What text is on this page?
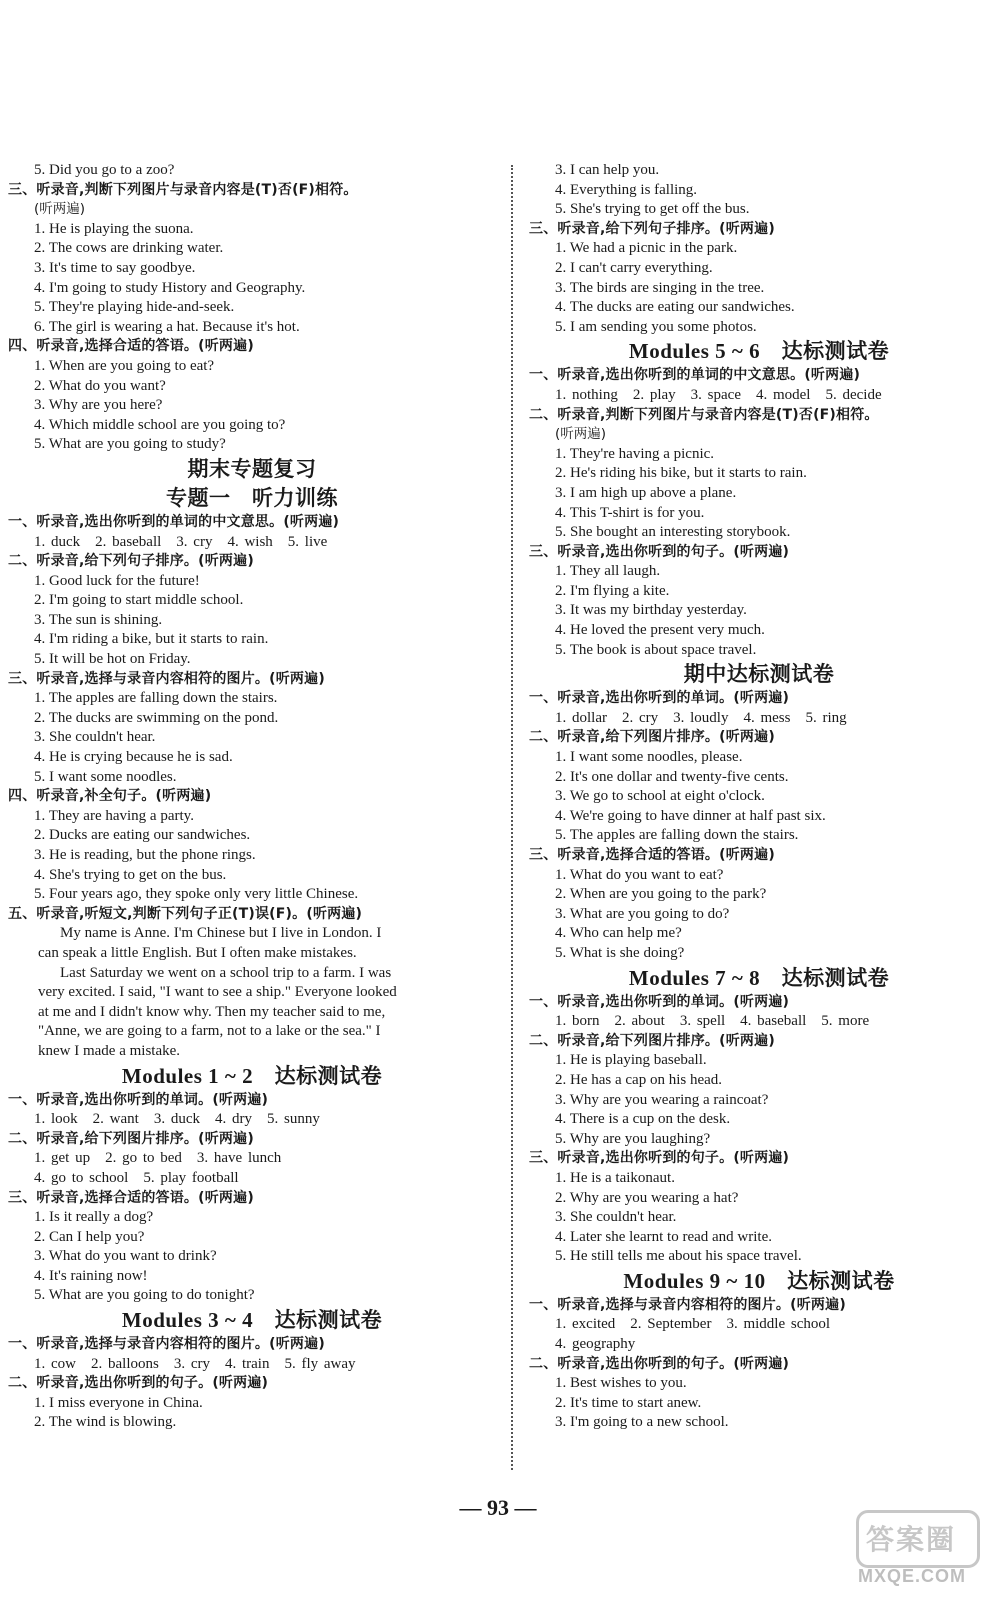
5. Did you go to a zoo?
三、听录音,判断下列图片与录音内容是(T)否(F)相符。
(听两遍)
1. He is playing the suona.
2. The cows are drinking water.
3. It's time to say goodbye.
4. I'm going to study History and Geography.
5. They're playing hide-and-seek.
6. The girl is wearing a hat. Because it's hot.
四、听录音,选择合适的答语。(听两遍)
1. When are you going to eat?
2. What do you want?
3. Why are you here?
4. Which middle school are you going to?
5. What are you going to study?
期末专题复习
专题一　听力训练
一、听录音,选出你听到的单词的中文意思。(听两遍)
1. duck　2. baseball　3. cry　4. wish　5. live
二、听录音,给下列句子排序。(听两遍)
1. Good luck for the future!
2. I'm going to start middle school.
3. The sun is shining.
4. I'm riding a bike, but it starts to rain.
5. It will be hot on Friday.
三、听录音,选择与录音内容相符的图片。(听两遍)
1. The apples are falling down the stairs.
2. The ducks are swimming on the pond.
3. She couldn't hear.
4. He is crying because he is sad.
5. I want some noodles.
四、听录音,补全句子。(听两遍)
1. They are having a party.
2. Ducks are eating our sandwiches.
3. He is reading, but the phone rings.
4. She's trying to get on the bus.
5. Four years ago, they spoke only very little Chinese.
五、听录音,听短文,判断下列句子正(T)误(F)。(听两遍)
My name is Anne. I'm Chinese but I live in London. I
can speak a little English. But I often make mistakes.
Last Saturday we went on a school trip to a farm. I was
very excited. I said, "I want to see a ship." Everyone looked
at me and I didn't know why. Then my teacher said to me,
"Anne, we are going to a farm, not to a lake or the sea." I
knew I made a mistake.
Modules 1 ~ 2　达标测试卷
一、听录音,选出你听到的单词。(听两遍)
1. look　2. want　3. duck　4. dry　5. sunny
二、听录音,给下列图片排序。(听两遍)
1. get up　2. go to bed　3. have lunch
4. go to school　5. play football
三、听录音,选择合适的答语。(听两遍)
1. Is it really a dog?
2. Can I help you?
3. What do you want to drink?
4. It's raining now!
5. What are you going to do tonight?
Modules 3 ~ 4　达标测试卷
一、听录音,选择与录音内容相符的图片。(听两遍)
1. cow　2. balloons　3. cry　4. train　5. fly away
二、听录音,选出你听到的句子。(听两遍)
1. I miss everyone in China.
2. The wind is blowing.
3. I can help you.
4. Everything is falling.
5. She's trying to get off the bus.
三、听录音,给下列句子排序。(听两遍)
1. We had a picnic in the park.
2. I can't carry everything.
3. The birds are singing in the tree.
4. The ducks are eating our sandwiches.
5. I am sending you some photos.
Modules 5 ~ 6　达标测试卷
一、听录音,选出你听到的单词的中文意思。(听两遍)
1. nothing　2. play　3. space　4. model　5. decide
二、听录音,判断下列图片与录音内容是(T)否(F)相符。
(听两遍)
1. They're having a picnic.
2. He's riding his bike, but it starts to rain.
3. I am high up above a plane.
4. This T-shirt is for you.
5. She bought an interesting storybook.
三、听录音,选出你听到的句子。(听两遍)
1. They all laugh.
2. I'm flying a kite.
3. It was my birthday yesterday.
4. He loved the present very much.
5. The book is about space travel.
期中达标测试卷
一、听录音,选出你听到的单词。(听两遍)
1. dollar　2. cry　3. loudly　4. mess　5. ring
二、听录音,给下列图片排序。(听两遍)
1. I want some noodles, please.
2. It's one dollar and twenty-five cents.
3. We go to school at eight o'clock.
4. We're going to have dinner at half past six.
5. The apples are falling down the stairs.
三、听录音,选择合适的答语。(听两遍)
1. What do you want to eat?
2. When are you going to the park?
3. What are you going to do?
4. Who can help me?
5. What is she doing?
Modules 7 ~ 8　达标测试卷
一、听录音,选出你听到的单词。(听两遍)
1. born　2. about　3. spell　4. baseball　5. more
二、听录音,给下列图片排序。(听两遍)
1. He is playing baseball.
2. He has a cap on his head.
3. Why are you wearing a raincoat?
4. There is a cup on the desk.
5. Why are you laughing?
三、听录音,选出你听到的句子。(听两遍)
1. He is a taikonaut.
2. Why are you wearing a hat?
3. She couldn't hear.
4. Later she learnt to read and write.
5. He still tells me about his space travel.
Modules 9 ~ 10　达标测试卷
一、听录音,选择与录音内容相符的图片。(听两遍)
1. excited　2. September　3. middle school
4. geography
二、听录音,选出你听到的句子。(听两遍)
1. Best wishes to you.
2. It's time to start anew.
3. I'm going to a new school.
— 93 —
答案圈
MXQE.COM
